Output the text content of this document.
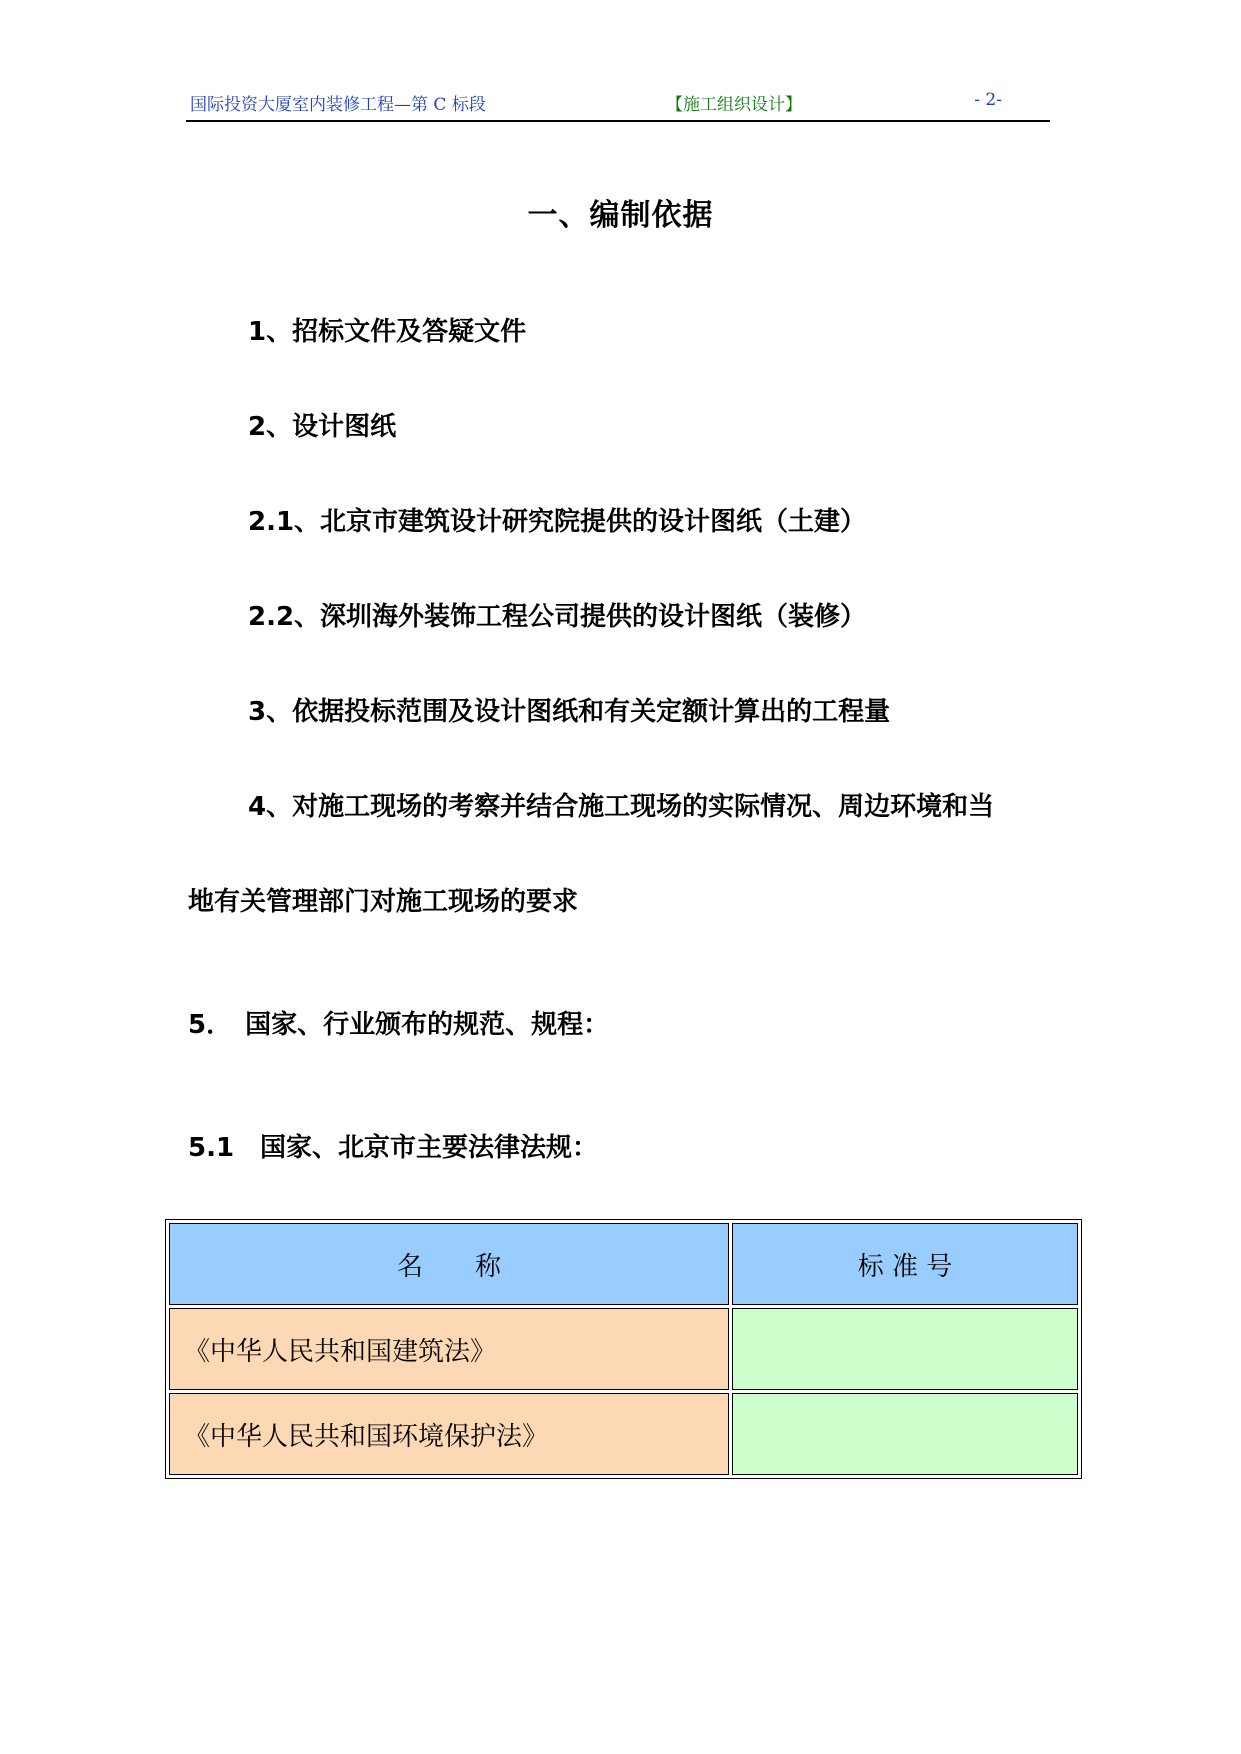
国际投资大厦室内装修工程—第 C 标段	【施工组织设计】	- 2-
一、编制依据
1、招标文件及答疑文件
2、设计图纸
2.1、北京市建筑设计研究院提供的设计图纸（土建）
2.2、深圳海外装饰工程公司提供的设计图纸（装修）
3、依据投标范围及设计图纸和有关定额计算出的工程量
4、对施工现场的考察并结合施工现场的实际情况、周边环境和当
地有关管理部门对施工现场的要求
5．　国家、行业颁布的规范、规程：
5.1　国家、北京市主要法律法规：
名　　称	标 准 号
《中华人民共和国建筑法》	
《中华人民共和国环境保护法》	
